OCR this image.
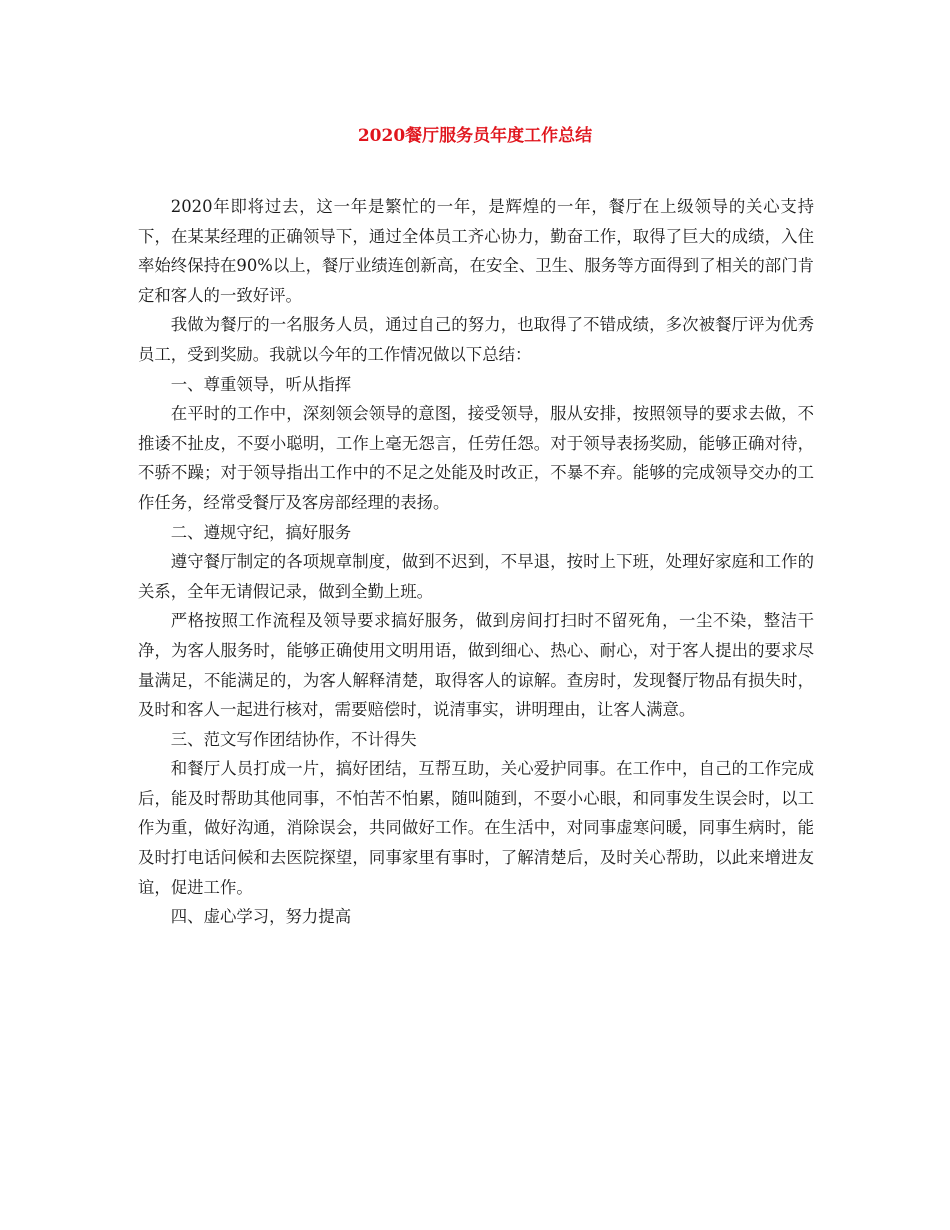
2020餐厅服务员年度工作总结

2020年即将过去，这一年是繁忙的一年，是辉煌的一年，餐厅在上级领导的关心支持下，在某某经理的正确领导下，通过全体员工齐心协力，勤奋工作，取得了巨大的成绩，入住率始终保持在90%以上，餐厅业绩连创新高，在安全、卫生、服务等方面得到了相关的部门肯定和客人的一致好评。

我做为餐厅的一名服务人员，通过自己的努力，也取得了不错成绩，多次被餐厅评为优秀员工，受到奖励。我就以今年的工作情况做以下总结：

一、尊重领导，听从指挥

在平时的工作中，深刻领会领导的意图，接受领导，服从安排，按照领导的要求去做，不推诿不扯皮，不耍小聪明，工作上毫无怨言，任劳任怨。对于领导表扬奖励，能够正确对待，不骄不躁；对于领导指出工作中的不足之处能及时改正，不暴不弃。能够的完成领导交办的工作任务，经常受餐厅及客房部经理的表扬。

二、遵规守纪，搞好服务

遵守餐厅制定的各项规章制度，做到不迟到，不早退，按时上下班，处理好家庭和工作的关系，全年无请假记录，做到全勤上班。

严格按照工作流程及领导要求搞好服务，做到房间打扫时不留死角，一尘不染，整洁干净，为客人服务时，能够正确使用文明用语，做到细心、热心、耐心，对于客人提出的要求尽量满足，不能满足的，为客人解释清楚，取得客人的谅解。查房时，发现餐厅物品有损失时，及时和客人一起进行核对，需要赔偿时，说清事实，讲明理由，让客人满意。

三、范文写作团结协作，不计得失

和餐厅人员打成一片，搞好团结，互帮互助，关心爱护同事。在工作中，自己的工作完成后，能及时帮助其他同事，不怕苦不怕累，随叫随到，不耍小心眼，和同事发生误会时，以工作为重，做好沟通，消除误会，共同做好工作。在生活中，对同事虚寒问暖，同事生病时，能及时打电话问候和去医院探望，同事家里有事时，了解清楚后，及时关心帮助，以此来增进友谊，促进工作。

四、虚心学习，努力提高
